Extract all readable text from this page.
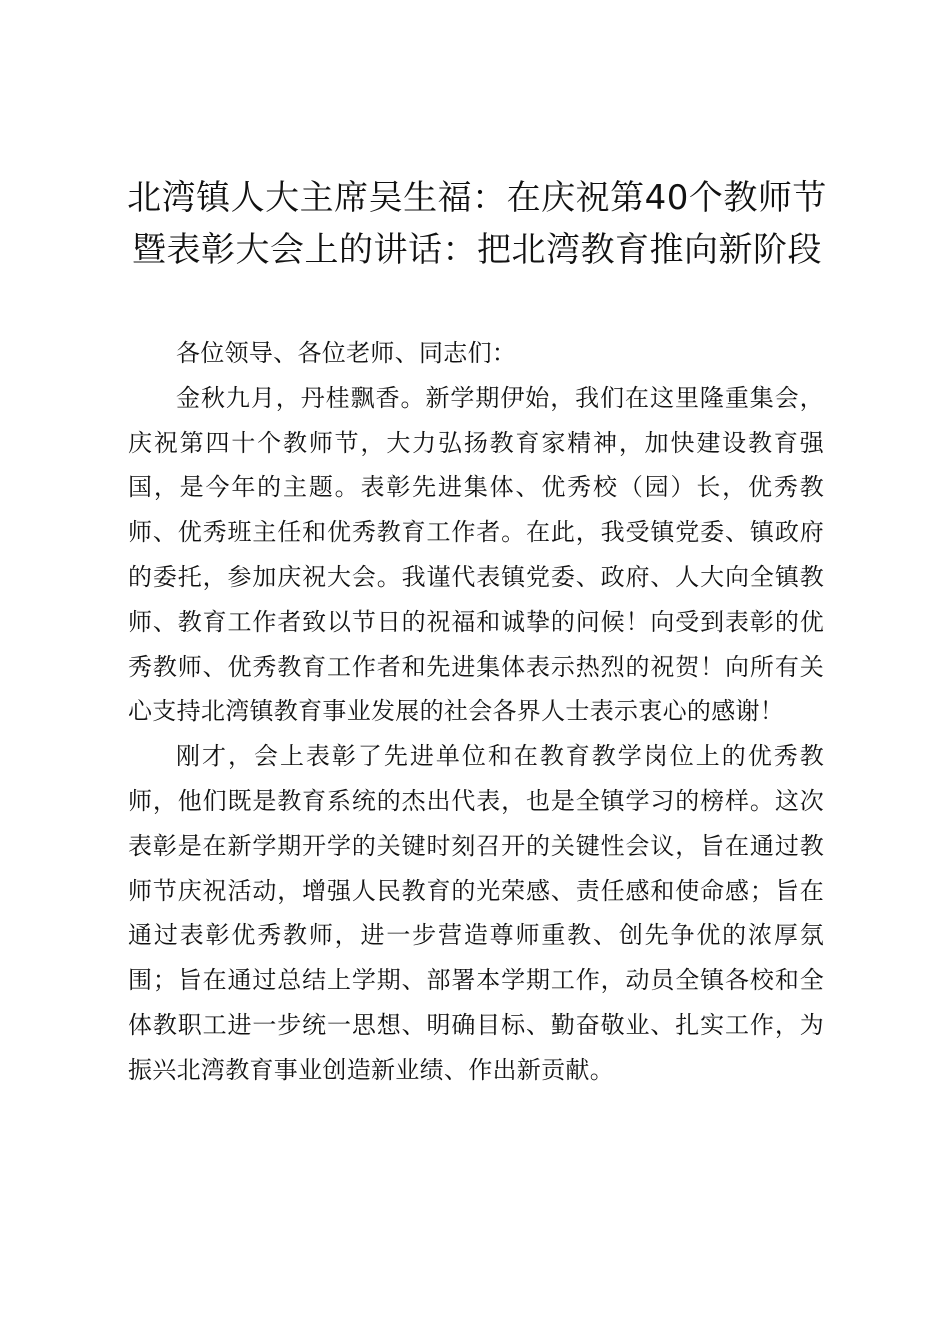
北湾镇人大主席吴生福：在庆祝第40个教师节暨表彰大会上的讲话：把北湾教育推向新阶段

各位领导、各位老师、同志们：

金秋九月，丹桂飘香。新学期伊始，我们在这里隆重集会，庆祝第四十个教师节，大力弘扬教育家精神，加快建设教育强国，是今年的主题。表彰先进集体、优秀校（园）长，优秀教师、优秀班主任和优秀教育工作者。在此，我受镇党委、镇政府的委托，参加庆祝大会。我谨代表镇党委、政府、人大向全镇教师、教育工作者致以节日的祝福和诚挚的问候！向受到表彰的优秀教师、优秀教育工作者和先进集体表示热烈的祝贺！向所有关心支持北湾镇教育事业发展的社会各界人士表示衷心的感谢！

刚才，会上表彰了先进单位和在教育教学岗位上的优秀教师，他们既是教育系统的杰出代表，也是全镇学习的榜样。这次表彰是在新学期开学的关键时刻召开的关键性会议，旨在通过教师节庆祝活动，增强人民教育的光荣感、责任感和使命感；旨在通过表彰优秀教师，进一步营造尊师重教、创先争优的浓厚氛围；旨在通过总结上学期、部署本学期工作，动员全镇各校和全体教职工进一步统一思想、明确目标、勤奋敬业、扎实工作，为振兴北湾教育事业创造新业绩、作出新贡献。
